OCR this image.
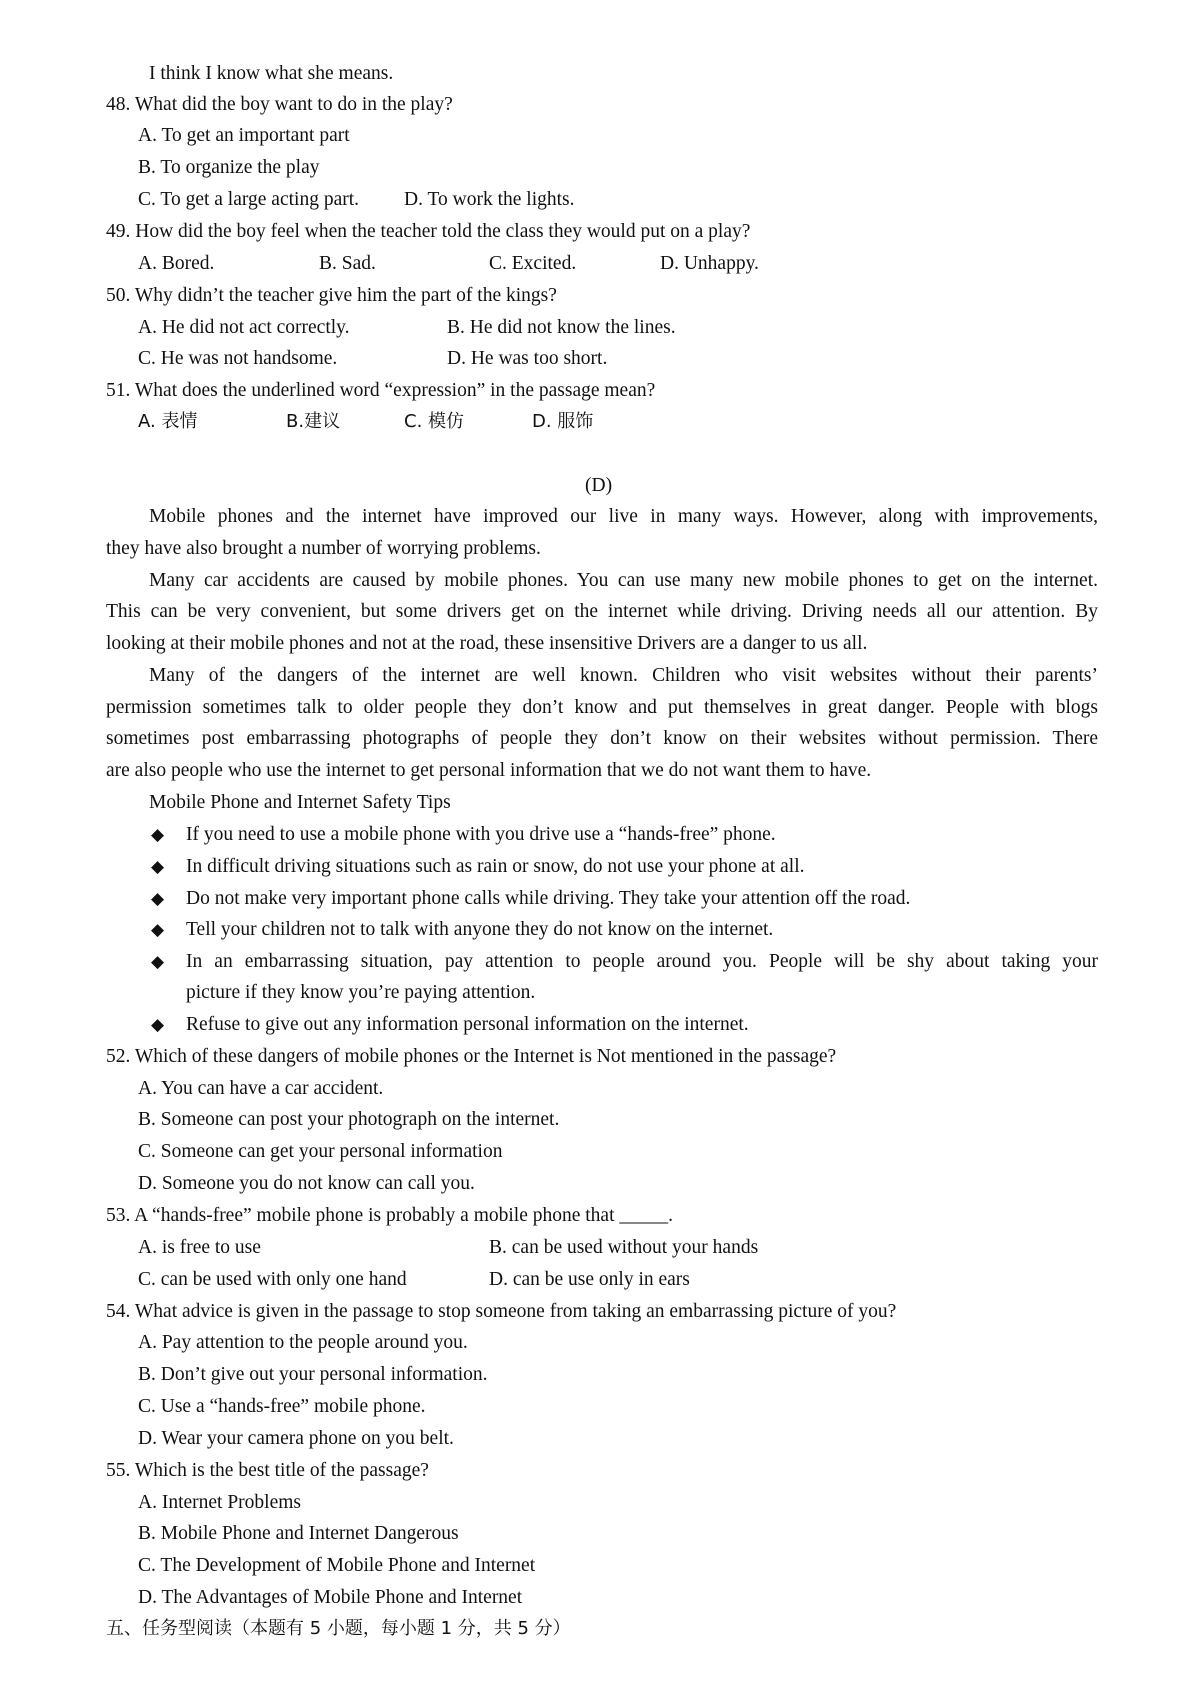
I think I know what she means.
48. What did the boy want to do in the play?
A. To get an important part
B. To organize the play
C. To get a large acting part. D. To work the lights.
49. How did the boy feel when the teacher told the class they would put on a play?
A. Bored.	B. Sad.	C. Excited.	D. Unhappy.
50. Why didn’t the teacher give him the part of the kings?
A. He did not act correctly.	B. He did not know the lines.
C. He was not handsome.	D. He was too short.
51. What does the underlined word “expression” in the passage mean?
A. 表情	B.建议	C. 模仿	D. 服饰
(D)
Mobile phones and the internet have improved our live in many ways. However, along with improvements,
they have also brought a number of worrying problems.
Many car accidents are caused by mobile phones. You can use many new mobile phones to get on the internet.
This can be very convenient, but some drivers get on the internet while driving. Driving needs all our attention. By
looking at their mobile phones and not at the road, these insensitive Drivers are a danger to us all.
Many of the dangers of the internet are well known. Children who visit websites without their parents’
permission sometimes talk to older people they don’t know and put themselves in great danger. People with blogs
sometimes post embarrassing photographs of people they don’t know on their websites without permission. There
are also people who use the internet to get personal information that we do not want them to have.
Mobile Phone and Internet Safety Tips
◆ If you need to use a mobile phone with you drive use a “hands-free” phone.
◆ In difficult driving situations such as rain or snow, do not use your phone at all.
◆ Do not make very important phone calls while driving. They take your attention off the road.
◆ Tell your children not to talk with anyone they do not know on the internet.
◆ In an embarrassing situation, pay attention to people around you. People will be shy about taking your
picture if they know you’re paying attention.
◆ Refuse to give out any information personal information on the internet.
52. Which of these dangers of mobile phones or the Internet is Not mentioned in the passage?
A. You can have a car accident.
B. Someone can post your photograph on the internet.
C. Someone can get your personal information
D. Someone you do not know can call you.
53. A “hands-free” mobile phone is probably a mobile phone that _____.
A. is free to use	B. can be used without your hands
C. can be used with only one hand	D. can be use only in ears
54. What advice is given in the passage to stop someone from taking an embarrassing picture of you?
A. Pay attention to the people around you.
B. Don’t give out your personal information.
C. Use a “hands-free” mobile phone.
D. Wear your camera phone on you belt.
55. Which is the best title of the passage?
A. Internet Problems
B. Mobile Phone and Internet Dangerous
C. The Development of Mobile Phone and Internet
D. The Advantages of Mobile Phone and Internet
五、任务型阅读（本题有 5 小题，每小题 1 分，共 5 分）
